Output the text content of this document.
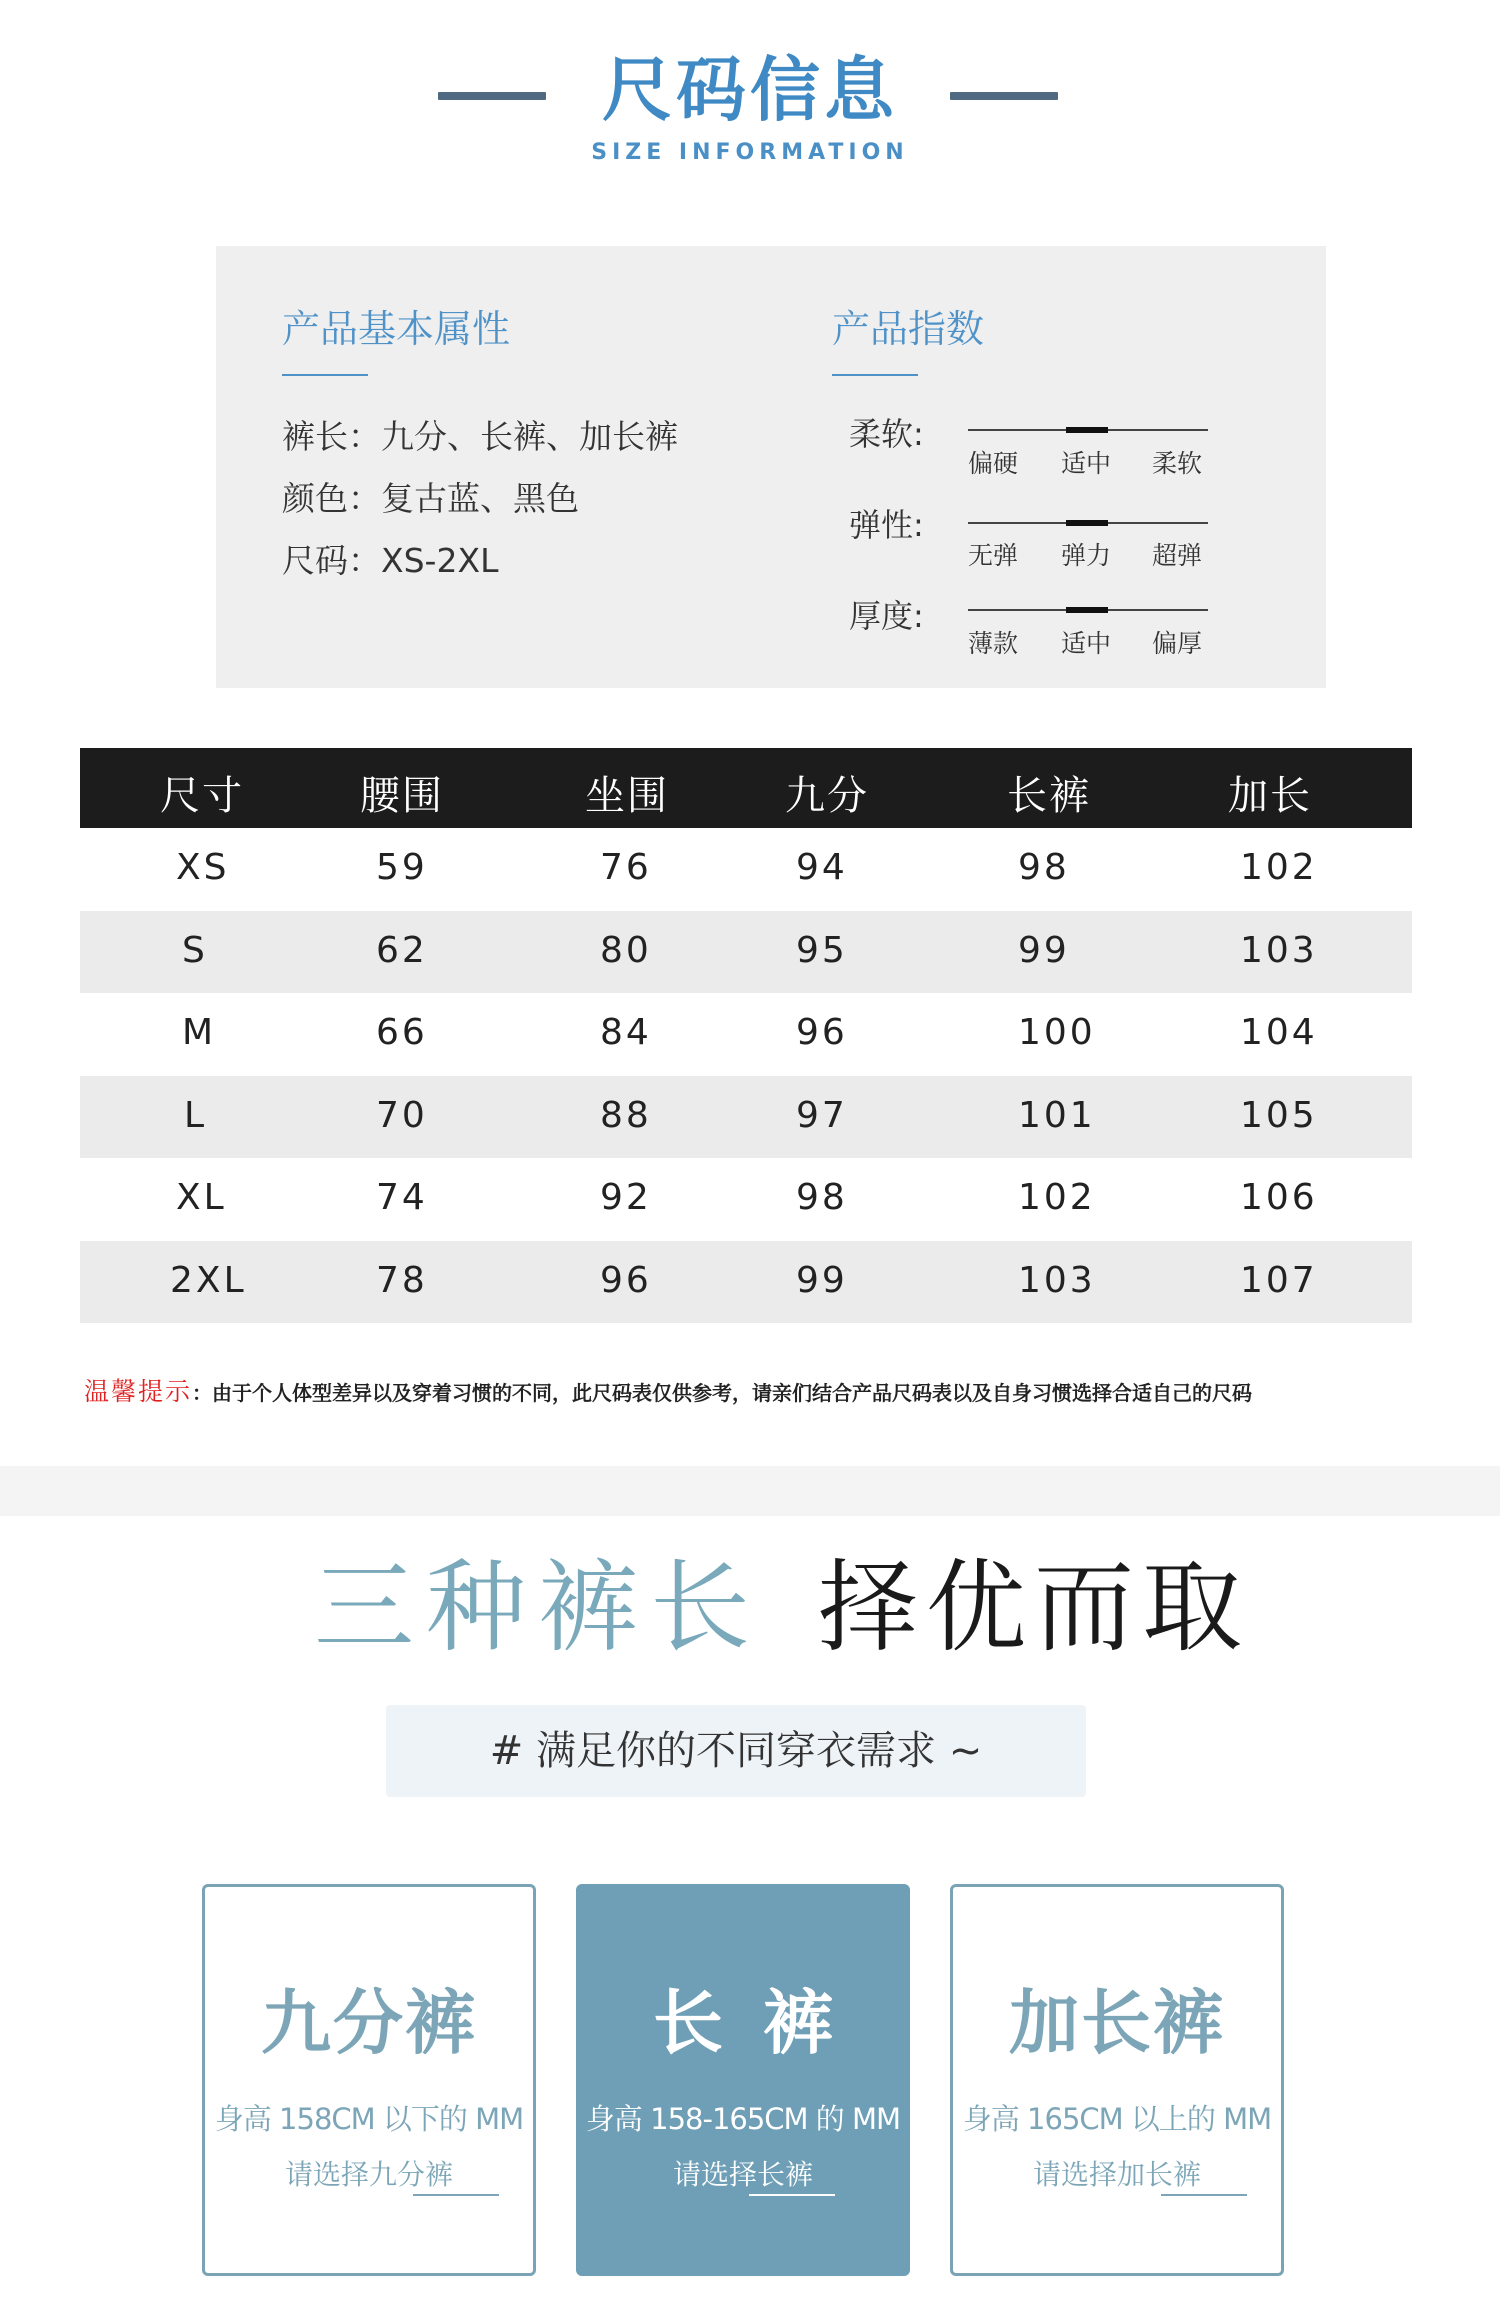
尺码信息
SIZE INFORMATION
产品基本属性
裤长：九分、长裤、加长裤
颜色：复古蓝、黑色
尺码：XS-2XL
产品指数
柔软:
偏硬 适中 柔软
弹性:
无弹 弹力 超弹
厚度:
薄款 适中 偏厚
尺寸	腰围	坐围	九分	长裤	加长
XS	59	76	94	98	102
S	62	80	95	99	103
M	66	84	96	100	104
L	70	88	97	101	105
XL	74	92	98	102	106
2XL	78	96	99	103	107
温馨提示：由于个人体型差异以及穿着习惯的不同，此尺码表仅供参考，请亲们结合产品尺码表以及自身习惯选择合适自己的尺码
三种裤长 择优而取
# 满足你的不同穿衣需求 ~
九分裤
身高 158CM 以下的 MM
请选择九分裤
长裤
身高 158-165CM 的 MM
请选择长裤
加长裤
身高 165CM 以上的 MM
请选择加长裤
